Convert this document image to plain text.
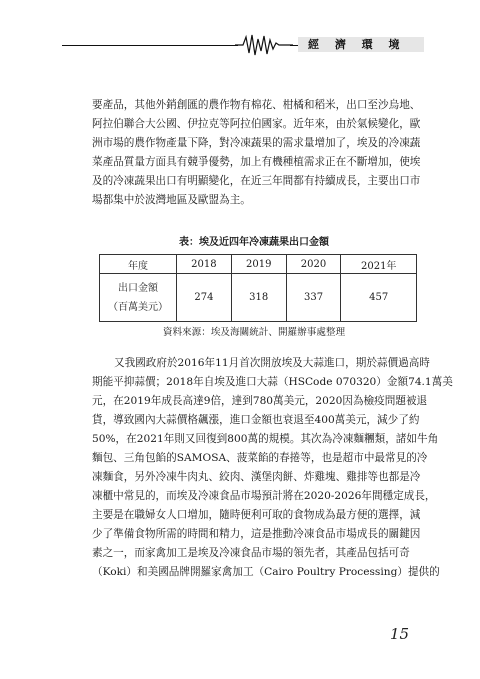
經 濟 環 境

要產品，其他外銷創匯的農作物有棉花、柑橘和稻米，出口至沙烏地、
阿拉伯聯合大公國、伊拉克等阿拉伯國家。近年來，由於氣候變化，歐
洲市場的農作物產量下降，對冷凍蔬果的需求量增加了，埃及的冷凍蔬
菜產品質量方面具有競爭優勢，加上有機種植需求正在不斷增加，使埃
及的冷凍蔬果出口有明顯變化，在近三年間都有持續成長，主要出口市
場都集中於波灣地區及歐盟為主。

表：埃及近四年冷凍蔬果出口金額
年度	2018	2019	2020	2021年

出口金額
（百萬美元）	274	318	337	457
資料來源：埃及海關統計、開羅辦事處整理

又我國政府於2016年11月首次開放埃及大蒜進口，期於蒜價過高時
期能平抑蒜價；2018年自埃及進口大蒜（HSCode 070320）金額74.1萬美
元，在2019年成長高達9倍，達到780萬美元，2020因為檢疫問題被退
貨，導致國內大蒜價格飆漲，進口金額也衰退至400萬美元，減少了約
50%，在2021年則又回復到800萬的規模。其次為冷凍麵糰類，諸如牛角
麵包、三角包餡的SAMOSA、菠菜餡的春捲等，也是超市中最常見的冷
凍麵食，另外冷凍牛肉丸、絞肉、漢堡肉餅、炸雞塊、雞排等也都是冷
凍櫃中常見的，而埃及冷凍食品市場預計將在2020-2026年間穩定成長，
主要是在職婦女人口增加，隨時便利可取的食物成為最方便的選擇，減
少了準備食物所需的時間和精力，這是推動冷凍食品市場成長的關鍵因
素之一，而家禽加工是埃及冷凍食品市場的領先者，其產品包括可奇
（Koki）和美國品牌開羅家禽加工（Cairo Poultry Processing）提供的

15
